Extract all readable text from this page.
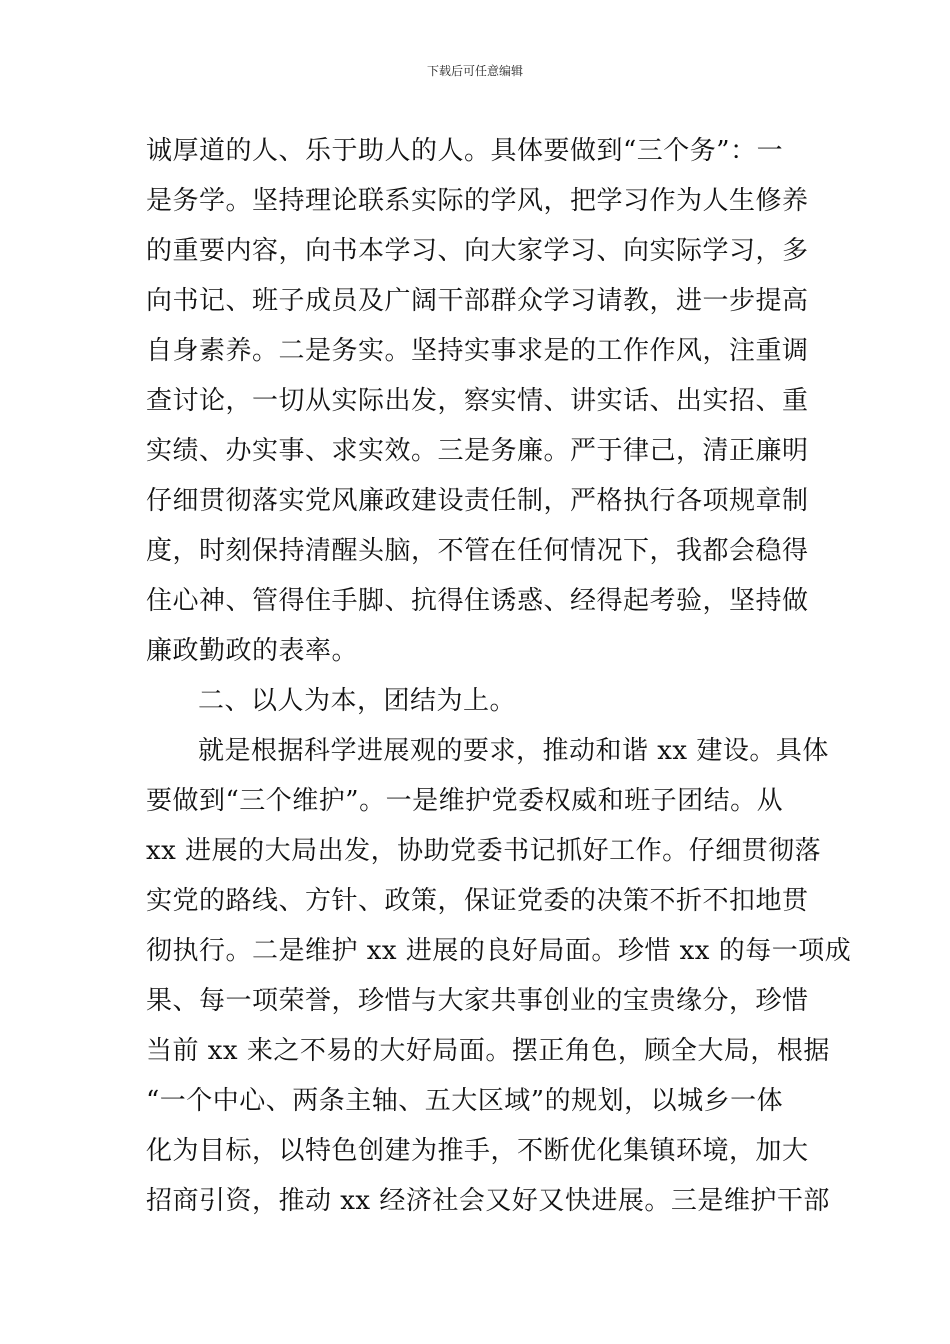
下载后可任意编辑
诚厚道的人、乐于助人的人。具体要做到“三个务”：一
是务学。坚持理论联系实际的学风，把学习作为人生修养
的重要内容，向书本学习、向大家学习、向实际学习，多
向书记、班子成员及广阔干部群众学习请教，进一步提高
自身素养。二是务实。坚持实事求是的工作作风，注重调
查讨论，一切从实际出发，察实情、讲实话、出实招、重
实绩、办实事、求实效。三是务廉。严于律己，清正廉明
仔细贯彻落实党风廉政建设责任制，严格执行各项规章制
度，时刻保持清醒头脑，不管在任何情况下，我都会稳得
住心神、管得住手脚、抗得住诱惑、经得起考验，坚持做
廉政勤政的表率。
二、以人为本，团结为上。
就是根据科学进展观的要求，推动和谐 xx 建设。具体
要做到“三个维护”。一是维护党委权威和班子团结。从
xx 进展的大局出发，协助党委书记抓好工作。仔细贯彻落
实党的路线、方针、政策，保证党委的决策不折不扣地贯
彻执行。二是维护 xx 进展的良好局面。珍惜 xx 的每一项成
果、每一项荣誉，珍惜与大家共事创业的宝贵缘分，珍惜
当前 xx 来之不易的大好局面。摆正角色，顾全大局，根据
“一个中心、两条主轴、五大区域”的规划，以城乡一体
化为目标，以特色创建为推手，不断优化集镇环境，加大
招商引资，推动 xx 经济社会又好又快进展。三是维护干部
